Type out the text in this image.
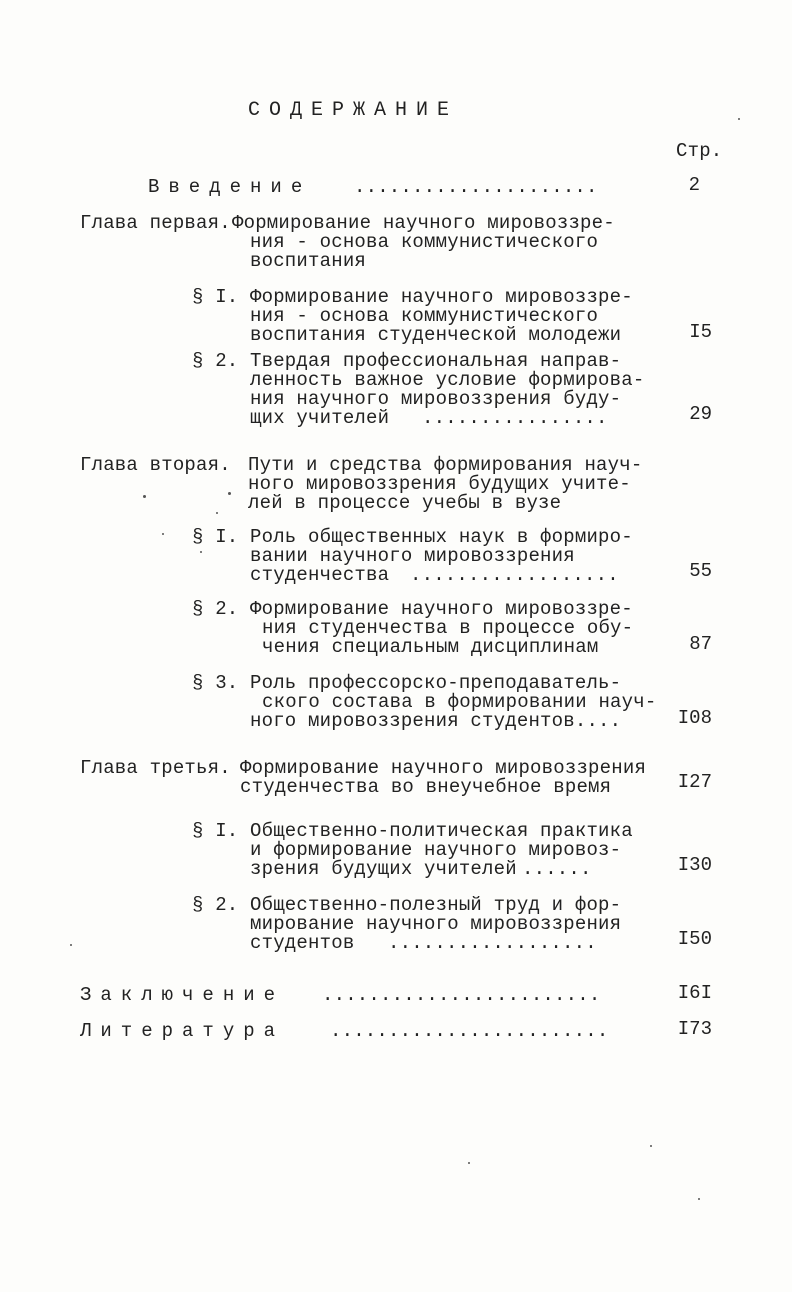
СОДЕРЖАНИЕ
Стр.
Введение .....................	2
Глава первая. Формирование научного мировоззре-
ния - основа коммунистического
воспитания
§ I. Формирование научного мировоззре-
ния - основа коммунистического
воспитания студенческой молодежи	I5
§ 2. Твердая профессиональная направ-
ленность важное условие формирова-
ния научного мировоззрения буду-
щих учителей ................	29
Глава вторая. Пути и средства формирования науч-
ного мировоззрения будущих учите-
лей в процессе учебы в вузе
§ I. Роль общественных наук в формиро-
вании научного мировоззрения
студенчества ..................	55
§ 2. Формирование научного мировоззре-
ния студенчества в процессе обу-
чения специальным дисциплинам	87
§ 3. Роль профессорско-преподаватель-
ского состава в формировании науч-
ного мировоззрения студентов....	I08
Глава третья. Формирование научного мировоззрения
студенчества во внеучебное время	I27
§ I. Общественно-политическая практика
и формирование научного мировоз-
зрения будущих учителей ......	I30
§ 2. Общественно-полезный труд и фор-
мирование научного мировоззрения
студентов ..................	I50
Заключение ........................	I6I
Литература ........................	I73
